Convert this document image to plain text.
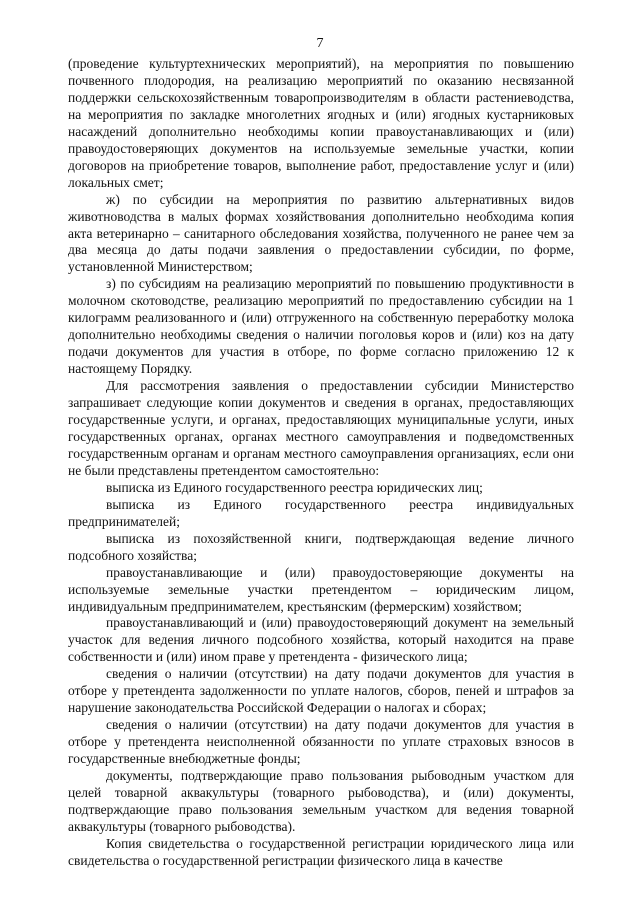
7

(проведение культуртехнических мероприятий), на мероприятия по повышению почвенного плодородия, на реализацию мероприятий по оказанию несвязанной поддержки сельскохозяйственным товаропроизводителям в области растениеводства, на мероприятия по закладке многолетних ягодных и (или) ягодных кустарниковых насаждений дополнительно необходимы копии правоустанавливающих и (или) правоудостоверяющих документов на используемые земельные участки, копии договоров на приобретение товаров, выполнение работ, предоставление услуг и (или) локальных смет;

ж) по субсидии на мероприятия по развитию альтернативных видов животноводства в малых формах хозяйствования дополнительно необходима копия акта ветеринарно – санитарного обследования хозяйства, полученного не ранее чем за два месяца до даты подачи заявления о предоставлении субсидии, по форме, установленной Министерством;

з) по субсидиям на реализацию мероприятий по повышению продуктивности в молочном скотоводстве, реализацию мероприятий по предоставлению субсидии на 1 килограмм реализованного и (или) отгруженного на собственную переработку молока дополнительно необходимы сведения о наличии поголовья коров и (или) коз на дату подачи документов для участия в отборе, по форме согласно приложению 12 к настоящему Порядку.

Для рассмотрения заявления о предоставлении субсидии Министерство запрашивает следующие копии документов и сведения в органах, предоставляющих государственные услуги, и органах, предоставляющих муниципальные услуги, иных государственных органах, органах местного самоуправления и подведомственных государственным органам и органам местного самоуправления организациях, если они не были представлены претендентом самостоятельно:

выписка из Единого государственного реестра юридических лиц;

выписка из Единого государственного реестра индивидуальных предпринимателей;

выписка из похозяйственной книги, подтверждающая ведение личного подсобного хозяйства;

правоустанавливающие и (или) правоудостоверяющие документы на используемые земельные участки претендентом – юридическим лицом, индивидуальным предпринимателем, крестьянским (фермерским) хозяйством;

правоустанавливающий и (или) правоудостоверяющий документ на земельный участок для ведения личного подсобного хозяйства, который находится на праве собственности и (или) ином праве у претендента - физического лица;

сведения о наличии (отсутствии) на дату подачи документов для участия в отборе у претендента задолженности по уплате налогов, сборов, пеней и штрафов за нарушение законодательства Российской Федерации о налогах и сборах;

сведения о наличии (отсутствии) на дату подачи документов для участия в отборе у претендента неисполненной обязанности по уплате страховых взносов в государственные внебюджетные фонды;

документы, подтверждающие право пользования рыбоводным участком для целей товарной аквакультуры (товарного рыбоводства), и (или) документы, подтверждающие право пользования земельным участком для ведения товарной аквакультуры (товарного рыбоводства).

Копия свидетельства о государственной регистрации юридического лица или свидетельства о государственной регистрации физического лица в качестве
